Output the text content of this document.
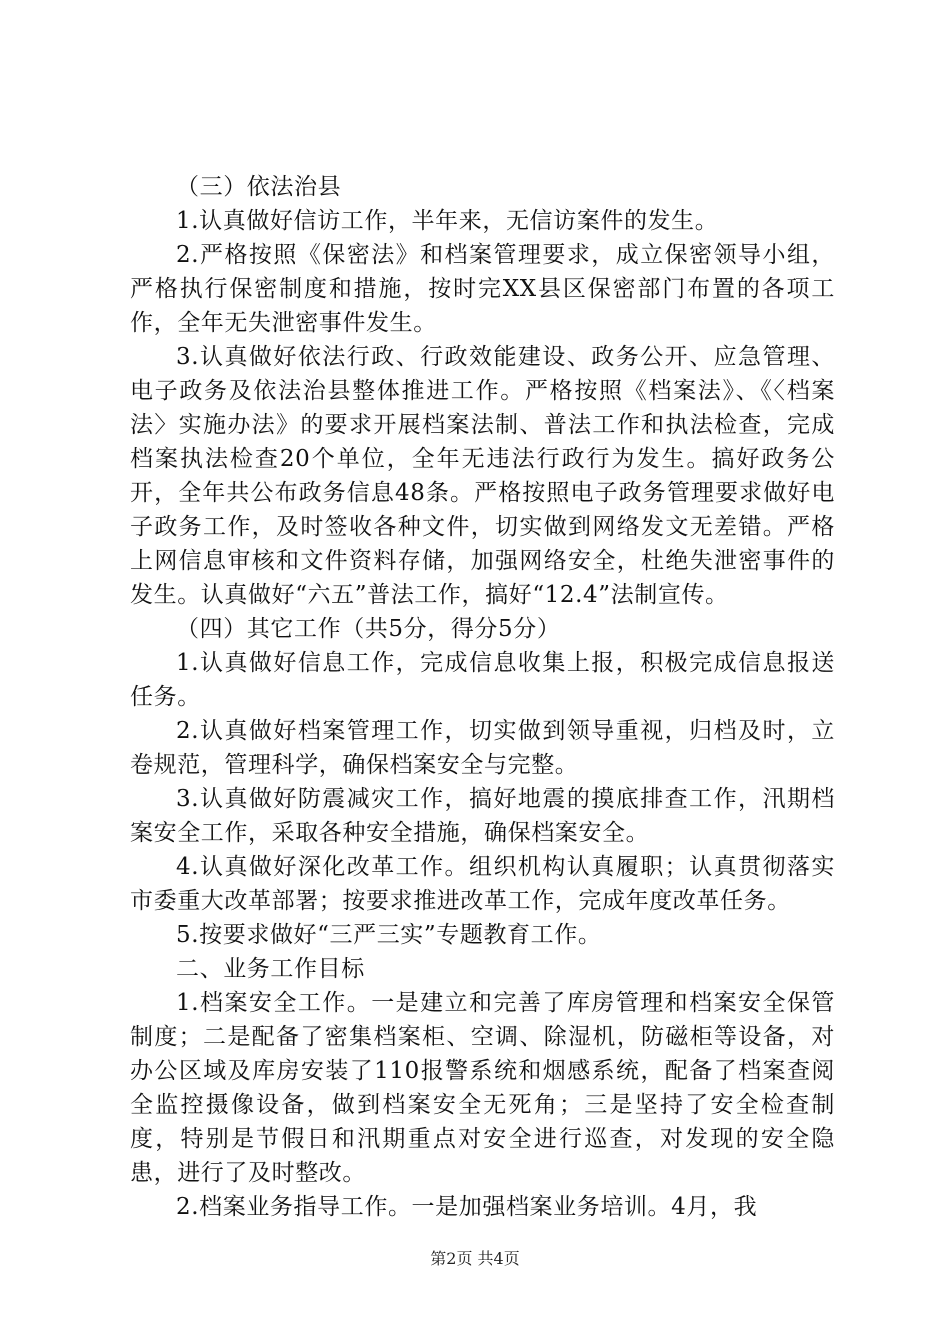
（三）依法治县

1.认真做好信访工作，半年来，无信访案件的发生。

2.严格按照《保密法》和档案管理要求，成立保密领导小组，严格执行保密制度和措施，按时完XX县区保密部门布置的各项工作，全年无失泄密事件发生。

3.认真做好依法行政、行政效能建设、政务公开、应急管理、电子政务及依法治县整体推进工作。严格按照《档案法》、《〈档案法〉实施办法》的要求开展档案法制、普法工作和执法检查，完成档案执法检查20个单位，全年无违法行政行为发生。搞好政务公开，全年共公布政务信息48条。严格按照电子政务管理要求做好电子政务工作，及时签收各种文件，切实做到网络发文无差错。严格上网信息审核和文件资料存储，加强网络安全，杜绝失泄密事件的发生。认真做好“六五”普法工作，搞好“12.4”法制宣传。

（四）其它工作（共5分，得分5分）

1.认真做好信息工作，完成信息收集上报，积极完成信息报送任务。

2.认真做好档案管理工作，切实做到领导重视，归档及时，立卷规范，管理科学，确保档案安全与完整。

3.认真做好防震减灾工作，搞好地震的摸底排查工作，汛期档案安全工作，采取各种安全措施，确保档案安全。

4.认真做好深化改革工作。组织机构认真履职；认真贯彻落实市委重大改革部署；按要求推进改革工作，完成年度改革任务。

5.按要求做好“三严三实”专题教育工作。

二、业务工作目标

1.档案安全工作。一是建立和完善了库房管理和档案安全保管制度；二是配备了密集档案柜、空调、除湿机，防磁柜等设备，对办公区域及库房安装了110报警系统和烟感系统，配备了档案查阅全监控摄像设备，做到档案安全无死角；三是坚持了安全检查制度，特别是节假日和汛期重点对安全进行巡查，对发现的安全隐患，进行了及时整改。

2.档案业务指导工作。一是加强档案业务培训。4月，我

第2页 共4页
